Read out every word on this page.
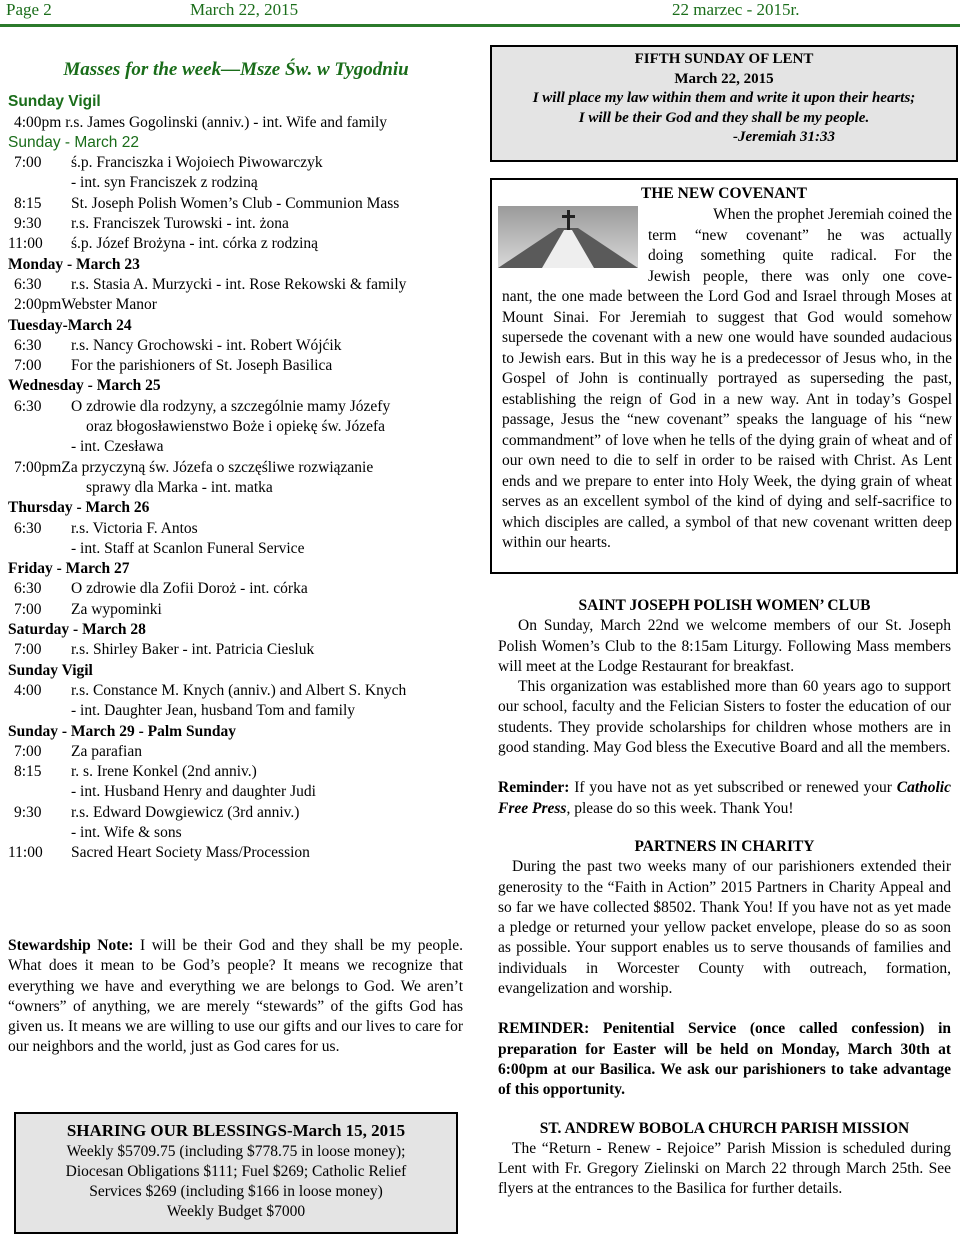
Page 2	March 22, 2015	22 marzec - 2015r.
Masses for the week—Msze Św. w Tygodniu
Sunday Vigil
4:00pm r.s. James Gogolinski (anniv.) - int. Wife and family
Sunday - March 22
7:00	ś.p. Franciszka i Wojoiech Piwowarczyk
- int. syn Franciszek z rodziną
8:15	St. Joseph Polish Women’s Club - Communion Mass
9:30	r.s. Franciszek Turowski - int. żona
11:00	ś.p. Józef Brożyna - int. córka z rodziną
Monday - March 23
6:30	r.s. Stasia A. Murzycki - int. Rose Rekowski & family
2:00pmWebster Manor
Tuesday-March 24
6:30	r.s. Nancy Grochowski - int. Robert Wójćik
7:00	For the parishioners of St. Joseph Basilica
Wednesday - March 25
6:30	O zdrowie dla rodzyny, a szczególnie mamy Józefy
oraz błogosławienstwo Boże i opiekę św. Józefa
- int. Czesława
7:00pmZa przyczyną św. Józefa o szczęśliwe rozwiązanie
sprawy dla Marka - int. matka
Thursday - March 26
6:30	r.s. Victoria F. Antos
- int. Staff at Scanlon Funeral Service
Friday - March 27
6:30	O zdrowie dla Zofii Doroż - int. córka
7:00	Za wypominki
Saturday - March 28
7:00	r.s. Shirley Baker - int. Patricia Ciesluk
Sunday Vigil
4:00	r.s. Constance M. Knych (anniv.) and Albert S. Knych
- int. Daughter Jean, husband Tom and family
Sunday - March 29 - Palm Sunday
7:00	Za parafian
8:15	r. s. Irene Konkel (2nd anniv.)
- int. Husband Henry and daughter Judi
9:30	r.s. Edward Dowgiewicz (3rd anniv.)
- int. Wife & sons
11:00	Sacred Heart Society Mass/Procession
Stewardship Note: I will be their God and they shall be my people. What does it mean to be God’s people? It means we recognize that everything we have and everything we are belongs to God. We aren’t “owners” of anything, we are merely “stewards” of the gifts God has given us. It means we are willing to use our gifts and our lives to care for our neighbors and the world, just as God cares for us.
SHARING OUR BLESSINGS-March 15, 2015
Weekly $5709.75 (including $778.75 in loose money);
Diocesan Obligations $111; Fuel $269; Catholic Relief
Services $269 (including $166 in loose money)
Weekly Budget $7000
FIFTH SUNDAY OF LENT
March 22, 2015
I will place my law within them and write it upon their hearts;
I will be their God and they shall be my people.
-Jeremiah 31:33
THE NEW COVENANT
When the prophet Jeremiah coined the
term “new covenant” he was actually
doing something quite radical. For the
Jewish people, there was only one cove-
nant, the one made between the Lord God and Israel through Moses at Mount Sinai. For Jeremiah to suggest that God would somehow supersede the covenant with a new one would have sounded audacious to Jewish ears. But in this way he is a predecessor of Jesus who, in the Gospel of John is continually portrayed as superseding the past, establishing the reign of God in a new way. Ant in today’s Gospel passage, Jesus the “new covenant” speaks the language of his “new commandment” of love when he tells of the dying grain of wheat and of our own need to die to self in order to be raised with Christ. As Lent ends and we prepare to enter into Holy Week, the dying grain of wheat serves as an excellent symbol of the kind of dying and self-sacrifice to which disciples are called, a symbol of that new covenant written deep within our hearts.
SAINT JOSEPH POLISH WOMEN’ CLUB

On Sunday, March 22nd we welcome members of our St. Joseph Polish Women’s Club to the 8:15am Liturgy. Following Mass members will meet at the Lodge Restaurant for breakfast.

This organization was established more than 60 years ago to support our school, faculty and the Felician Sisters to foster the education of our students. They provide scholarships for children whose mothers are in good standing. May God bless the Executive Board and all the members.

Reminder: If you have not as yet subscribed or renewed your Catholic Free Press, please do so this week. Thank You!

PARTNERS IN CHARITY

During the past two weeks many of our parishioners extended their generosity to the “Faith in Action” 2015 Partners in Charity Appeal and so far we have collected $8502. Thank You! If you have not as yet made a pledge or returned your yellow packet envelope, please do so as soon as possible. Your support enables us to serve thousands of families and individuals in Worcester County with outreach, formation, evangelization and worship.

REMINDER: Penitential Service (once called confession) in preparation for Easter will be held on Monday, March 30th at 6:00pm at our Basilica. We ask our parishioners to take advantage of this opportunity.

ST. ANDREW BOBOLA CHURCH PARISH MISSION

The “Return - Renew - Rejoice” Parish Mission is scheduled during Lent with Fr. Gregory Zielinski on March 22 through March 25th. See flyers at the entrances to the Basilica for further details.
